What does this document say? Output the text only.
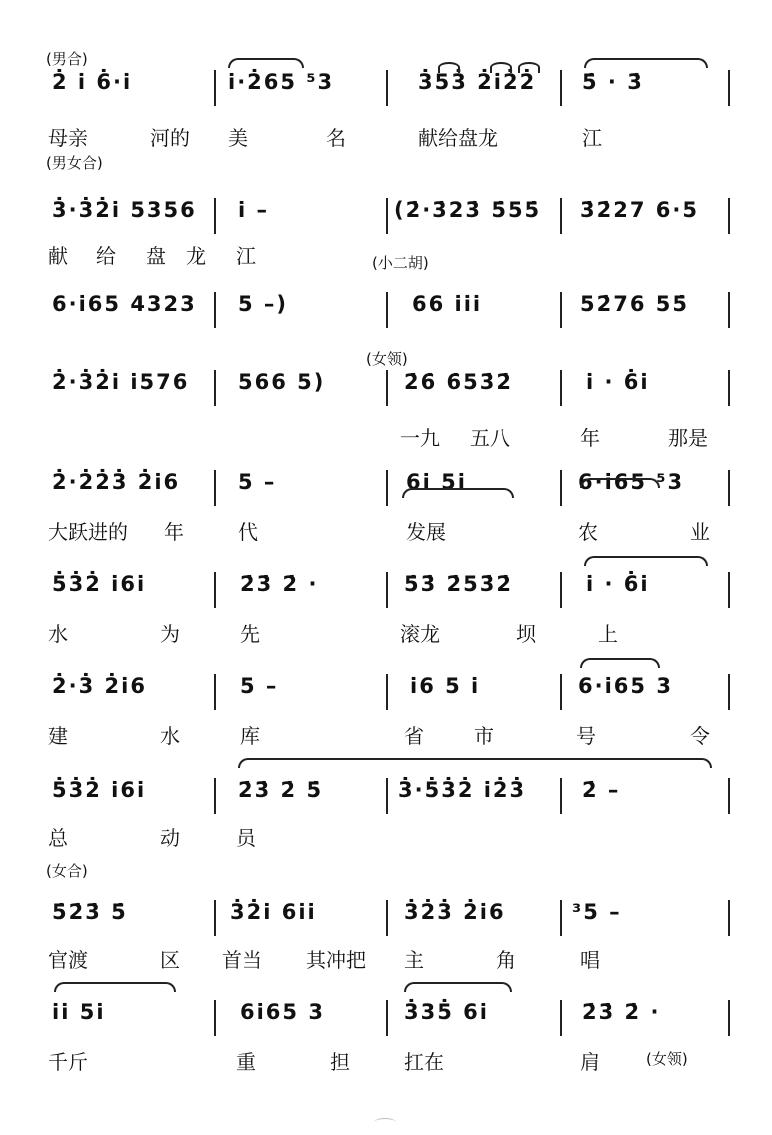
(男合)
2̇ i̇ 6̇·i̇	i̇·2̇65 ⁵3	3̇53̇ 2̇i̇2̇2̇ 5̇ · 3̇
母亲	河的 美	名	献给盘龙	江
(男女合)
3̇·3̇2̇i̇ 5356 i̇ –	(2̇·3̇23̇ 5̇55̇ 3̇2̇27 6·5
献 给 盘 龙 江	(小二胡)
6·i̇65 4323 5 –)	66 i̇i̇i̇	52̇76 55̇
2̇·3̇2̇i̇ i̇576 566 5)	2̇6̇ 6̇53̇2̇	i̇ · 6̇i̇
(女领)
一九 五八	年	那是
2̇·2̇2̇3̇ 2̇i̇6	5 –	6i̇ 5i̇	6·i̇65 ⁵3
大跃进的 年	代	发展	农	业
5̇3̇2̇ i̇6i̇	2̇3̇ 2̇ ·	5̇3̇ 2̇53̇2̇	i̇ · 6̇i̇
水	为	先	滚龙	坝	上
2̇·3̇ 2̇i̇6	5 –	i̇6 5 i̇	6·i̇65 3
建	水	库	省	市	号	令
5̇3̇2̇ i̇6i̇	2̇3̇ 2̇ 5̇	3̇·5̇3̇2̇ i̇2̇3̇	2̇ –
总	动	员
(女合)
5̇2̇3̇ 5̇	3̇2̇i̇ 6i̇i̇	3̇2̇3̇ 2̇i̇6	³5 –
官渡	区 首当 其冲把 主	角	唱
i̇i̇ 5i̇	6i̇65 3	3̇35̇ 6i̇	2̇3̇ 2̇ ·
千斤	重	担	扛在	肩	(女领)
